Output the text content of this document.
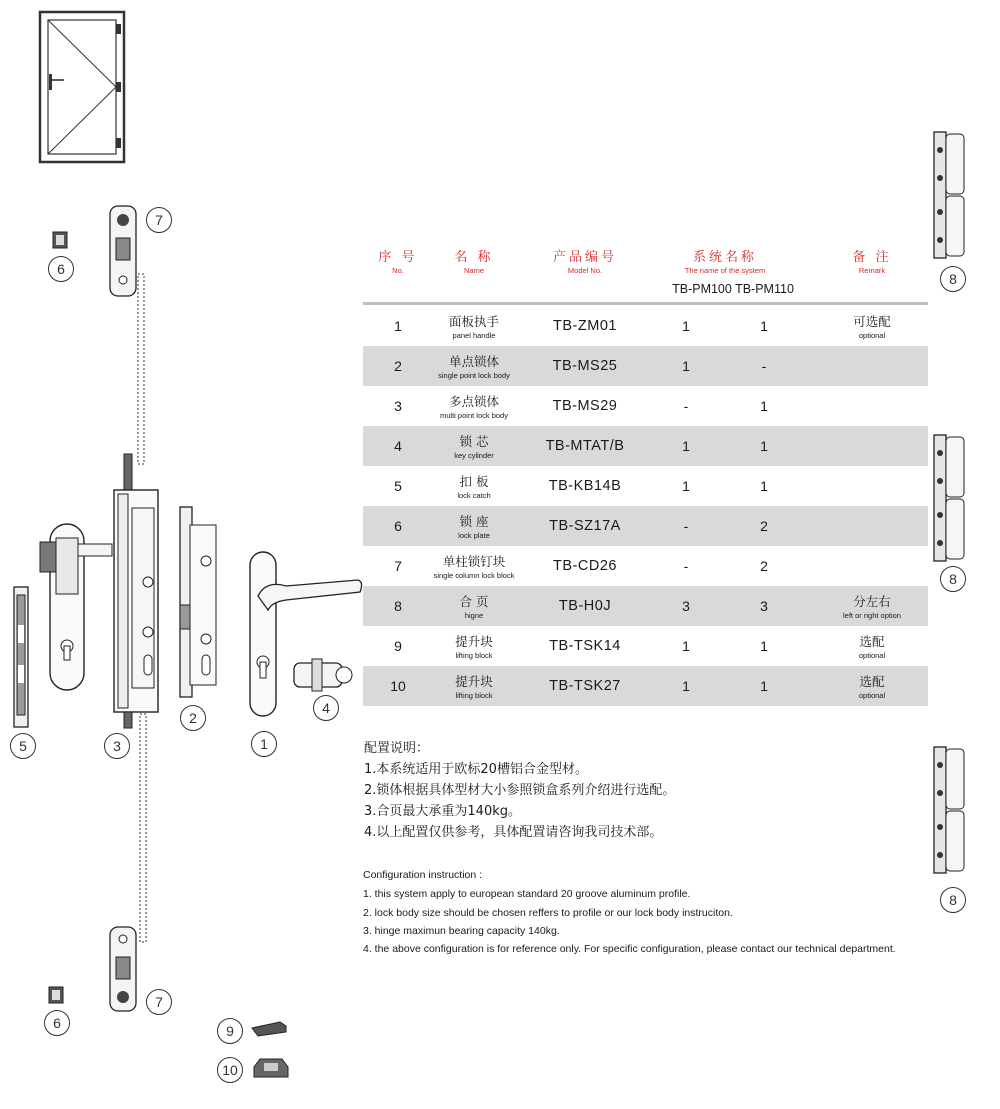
6
7
5	3
2
1
4
7
6	9
10
8
8
8
序 号
No.
名 称
Name
产品编号
Model No.
系统名称
The name of the system
备 注
Remark
TB-PM100 TB-PM110
1	面板执手
panel handle
TB-ZM01	1	1	可选配
optional
2	单点锁体
single point lock body
TB-MS25	1	-
3	多点锁体
multi point lock body
TB-MS29	-	1
4	锁 芯
key cylinder
TB-MTAT/B	1	1
5	扣 板
lock catch
TB-KB14B	1	1
6	锁 座
lock plate
TB-SZ17A	-	2
7	单柱锁钉块
single column lock block
TB-CD26	-	2
8	合 页
higne
TB-H0J	3	3	分左右
left or right option
9	提升块
lifting block
TB-TSK14	1	1	选配
optional
10	提升块
lifting block
TB-TSK27	1	1	选配
optional
配置说明：
1.本系统适用于欧标20槽铝合金型材。
2.锁体根据具体型材大小参照锁盒系列介绍进行选配。
3.合页最大承重为140kg。
4.以上配置仅供参考，具体配置请咨询我司技术部。
Configuration instruction :
1. this system apply to european standard 20 groove aluminum profile.
2. lock body size should be chosen reffers to profile or our lock body instruciton.
3. hinge maximun bearing capacity 140kg.
4. the above configuration is for reference only. For specific configuration, please contact our technical department.
